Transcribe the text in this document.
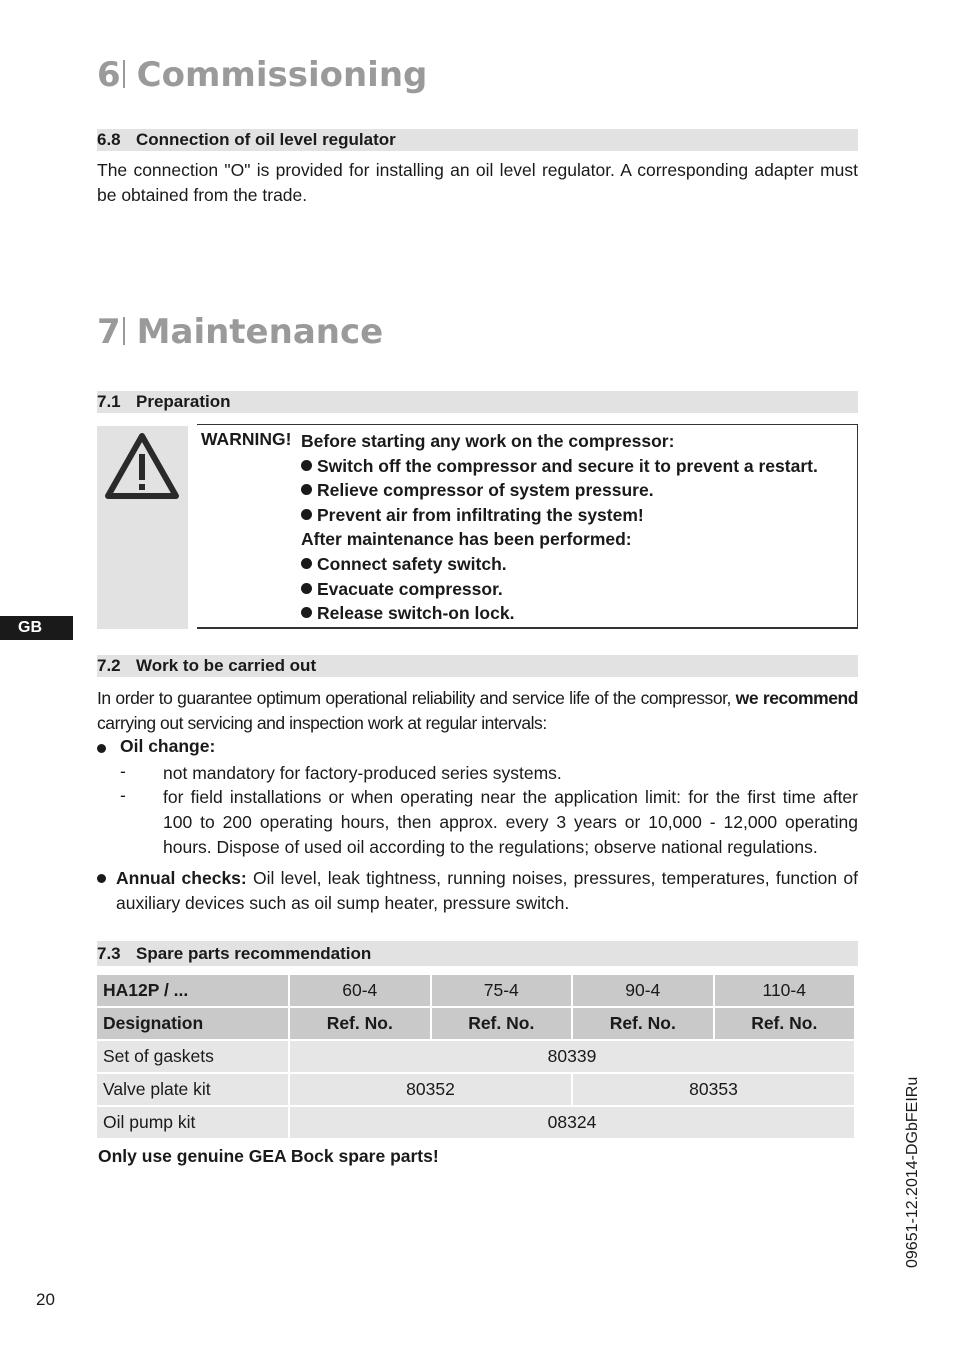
6 Commissioning
6.8 Connection of oil level regulator

The connection "O" is provided for installing an oil level regulator. A corresponding adapter must be obtained from the trade.

7 Maintenance
7.1 Preparation
WARNING! Before starting any work on the compressor:
Switch off the compressor and secure it to prevent a restart.
Relieve compressor of system pressure.
Prevent air from infiltrating the system!
After maintenance has been performed:
Connect safety switch.
Evacuate compressor.
Release switch-on lock.
GB
7.2 Work to be carried out

In order to guarantee optimum operational reliability and service life of the compressor, we recommend carrying out servicing and inspection work at regular intervals:

Oil change:
- not mandatory for factory-produced series systems.

- for field installations or when operating near the application limit: for the first time after 100 to 200 operating hours, then approx. every 3 years or 10,000 - 12,000 operating hours. Dispose of used oil according to the regulations; observe national regulations.

Annual checks: Oil level, leak tightness, running noises, pressures, temperatures, function of auxiliary devices such as oil sump heater, pressure switch.

7.3 Spare parts recommendation
HA12P / ...	60-4	75-4	90-4	110-4
Designation	Ref. No.	Ref. No.	Ref. No.	Ref. No.
Set of gaskets	80339			
Valve plate kit	80352		80353	
Oil pump kit	08324			
Only use genuine GEA Bock spare parts!
20
09651-12.2014-DGbFEIRu
